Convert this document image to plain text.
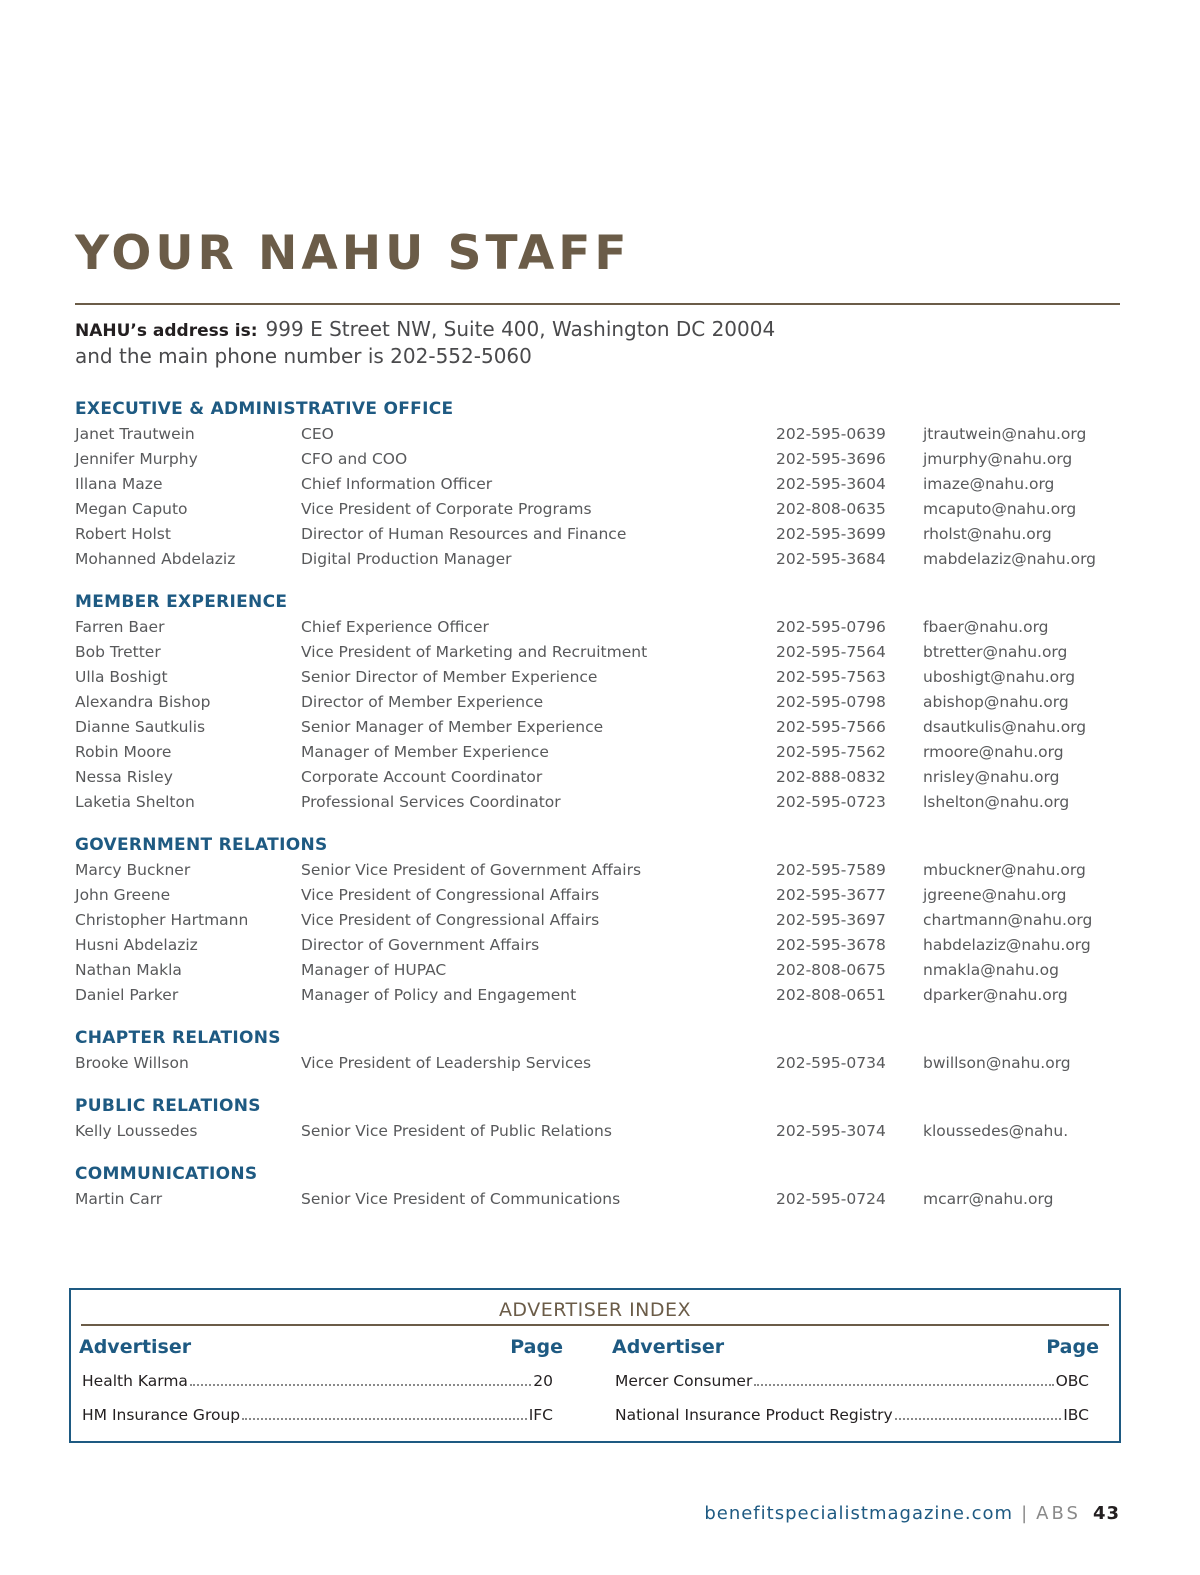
YOUR NAHU STAFF
NAHU’s address is: 999 E Street NW, Suite 400, Washington DC 20004
and the main phone number is 202-552-5060
EXECUTIVE & ADMINISTRATIVE OFFICE
Janet Trautwein	CEO	202-595-0639 jtrautwein@nahu.org
Jennifer Murphy	CFO and COO	202-595-3696 jmurphy@nahu.org
Illana Maze	Chief Information Officer	202-595-3604 imaze@nahu.org
Megan Caputo	Vice President of Corporate Programs	202-808-0635 mcaputo@nahu.org
Robert Holst	Director of Human Resources and Finance	202-595-3699 rholst@nahu.org
Mohanned Abdelaziz	Digital Production Manager	202-595-3684 mabdelaziz@nahu.org
MEMBER EXPERIENCE
Farren Baer	Chief Experience Officer	202-595-0796 fbaer@nahu.org
Bob Tretter	Vice President of Marketing and Recruitment	202-595-7564 btretter@nahu.org
Ulla Boshigt	Senior Director of Member Experience	202-595-7563 uboshigt@nahu.org
Alexandra Bishop	Director of Member Experience	202-595-0798 abishop@nahu.org
Dianne Sautkulis	Senior Manager of Member Experience	202-595-7566 dsautkulis@nahu.org
Robin Moore	Manager of Member Experience	202-595-7562 rmoore@nahu.org
Nessa Risley	Corporate Account Coordinator	202-888-0832 nrisley@nahu.org
Laketia Shelton	Professional Services Coordinator	202-595-0723 lshelton@nahu.org
GOVERNMENT RELATIONS
Marcy Buckner	Senior Vice President of Government Affairs	202-595-7589 mbuckner@nahu.org
John Greene	Vice President of Congressional Affairs	202-595-3677 jgreene@nahu.org
Christopher Hartmann	Vice President of Congressional Affairs	202-595-3697 chartmann@nahu.org
Husni Abdelaziz	Director of Government Affairs	202-595-3678 habdelaziz@nahu.org
Nathan Makla	Manager of HUPAC	202-808-0675 nmakla@nahu.og
Daniel Parker	Manager of Policy and Engagement	202-808-0651 dparker@nahu.org
CHAPTER RELATIONS
Brooke Willson	Vice President of Leadership Services	202-595-0734 bwillson@nahu.org
PUBLIC RELATIONS
Kelly Loussedes	Senior Vice President of Public Relations	202-595-3074 kloussedes@nahu.
COMMUNICATIONS
Martin Carr	Senior Vice President of Communications	202-595-0724 mcarr@nahu.org
ADVERTISER INDEX
Advertiser	Page
Health Karma	20
HM Insurance Group	IFC
Advertiser	Page
Mercer Consumer	OBC
National Insurance Product Registry	IBC
benefitspecialistmagazine.com | ABS 43
